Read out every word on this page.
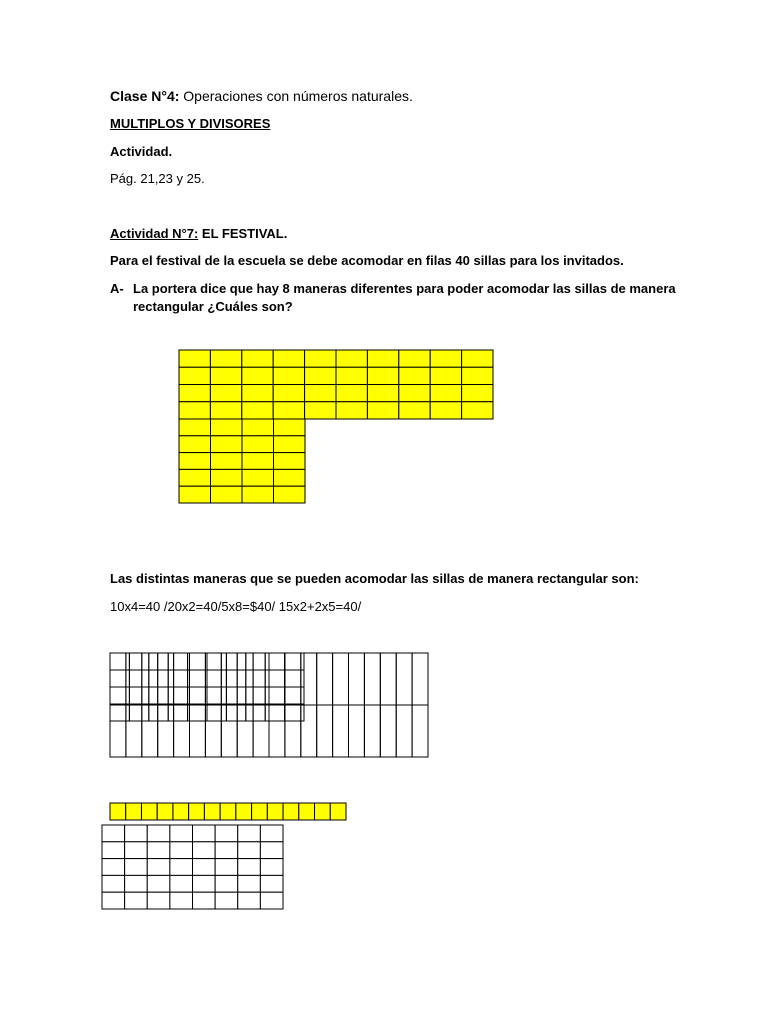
Clase N°4: Operaciones con números naturales.
MULTIPLOS Y DIVISORES
Actividad.
Pág. 21,23 y 25.
Actividad N°7: EL FESTIVAL.
Para el festival de la escuela se debe acomodar en filas 40 sillas para los invitados.
A- La portera dice que hay 8 maneras diferentes para poder acomodar las sillas de manera
rectangular ¿Cuáles son?
Las distintas maneras que se pueden acomodar las sillas de manera rectangular son:
10x4=40 /20x2=40/5x8=$40/ 15x2+2x5=40/
